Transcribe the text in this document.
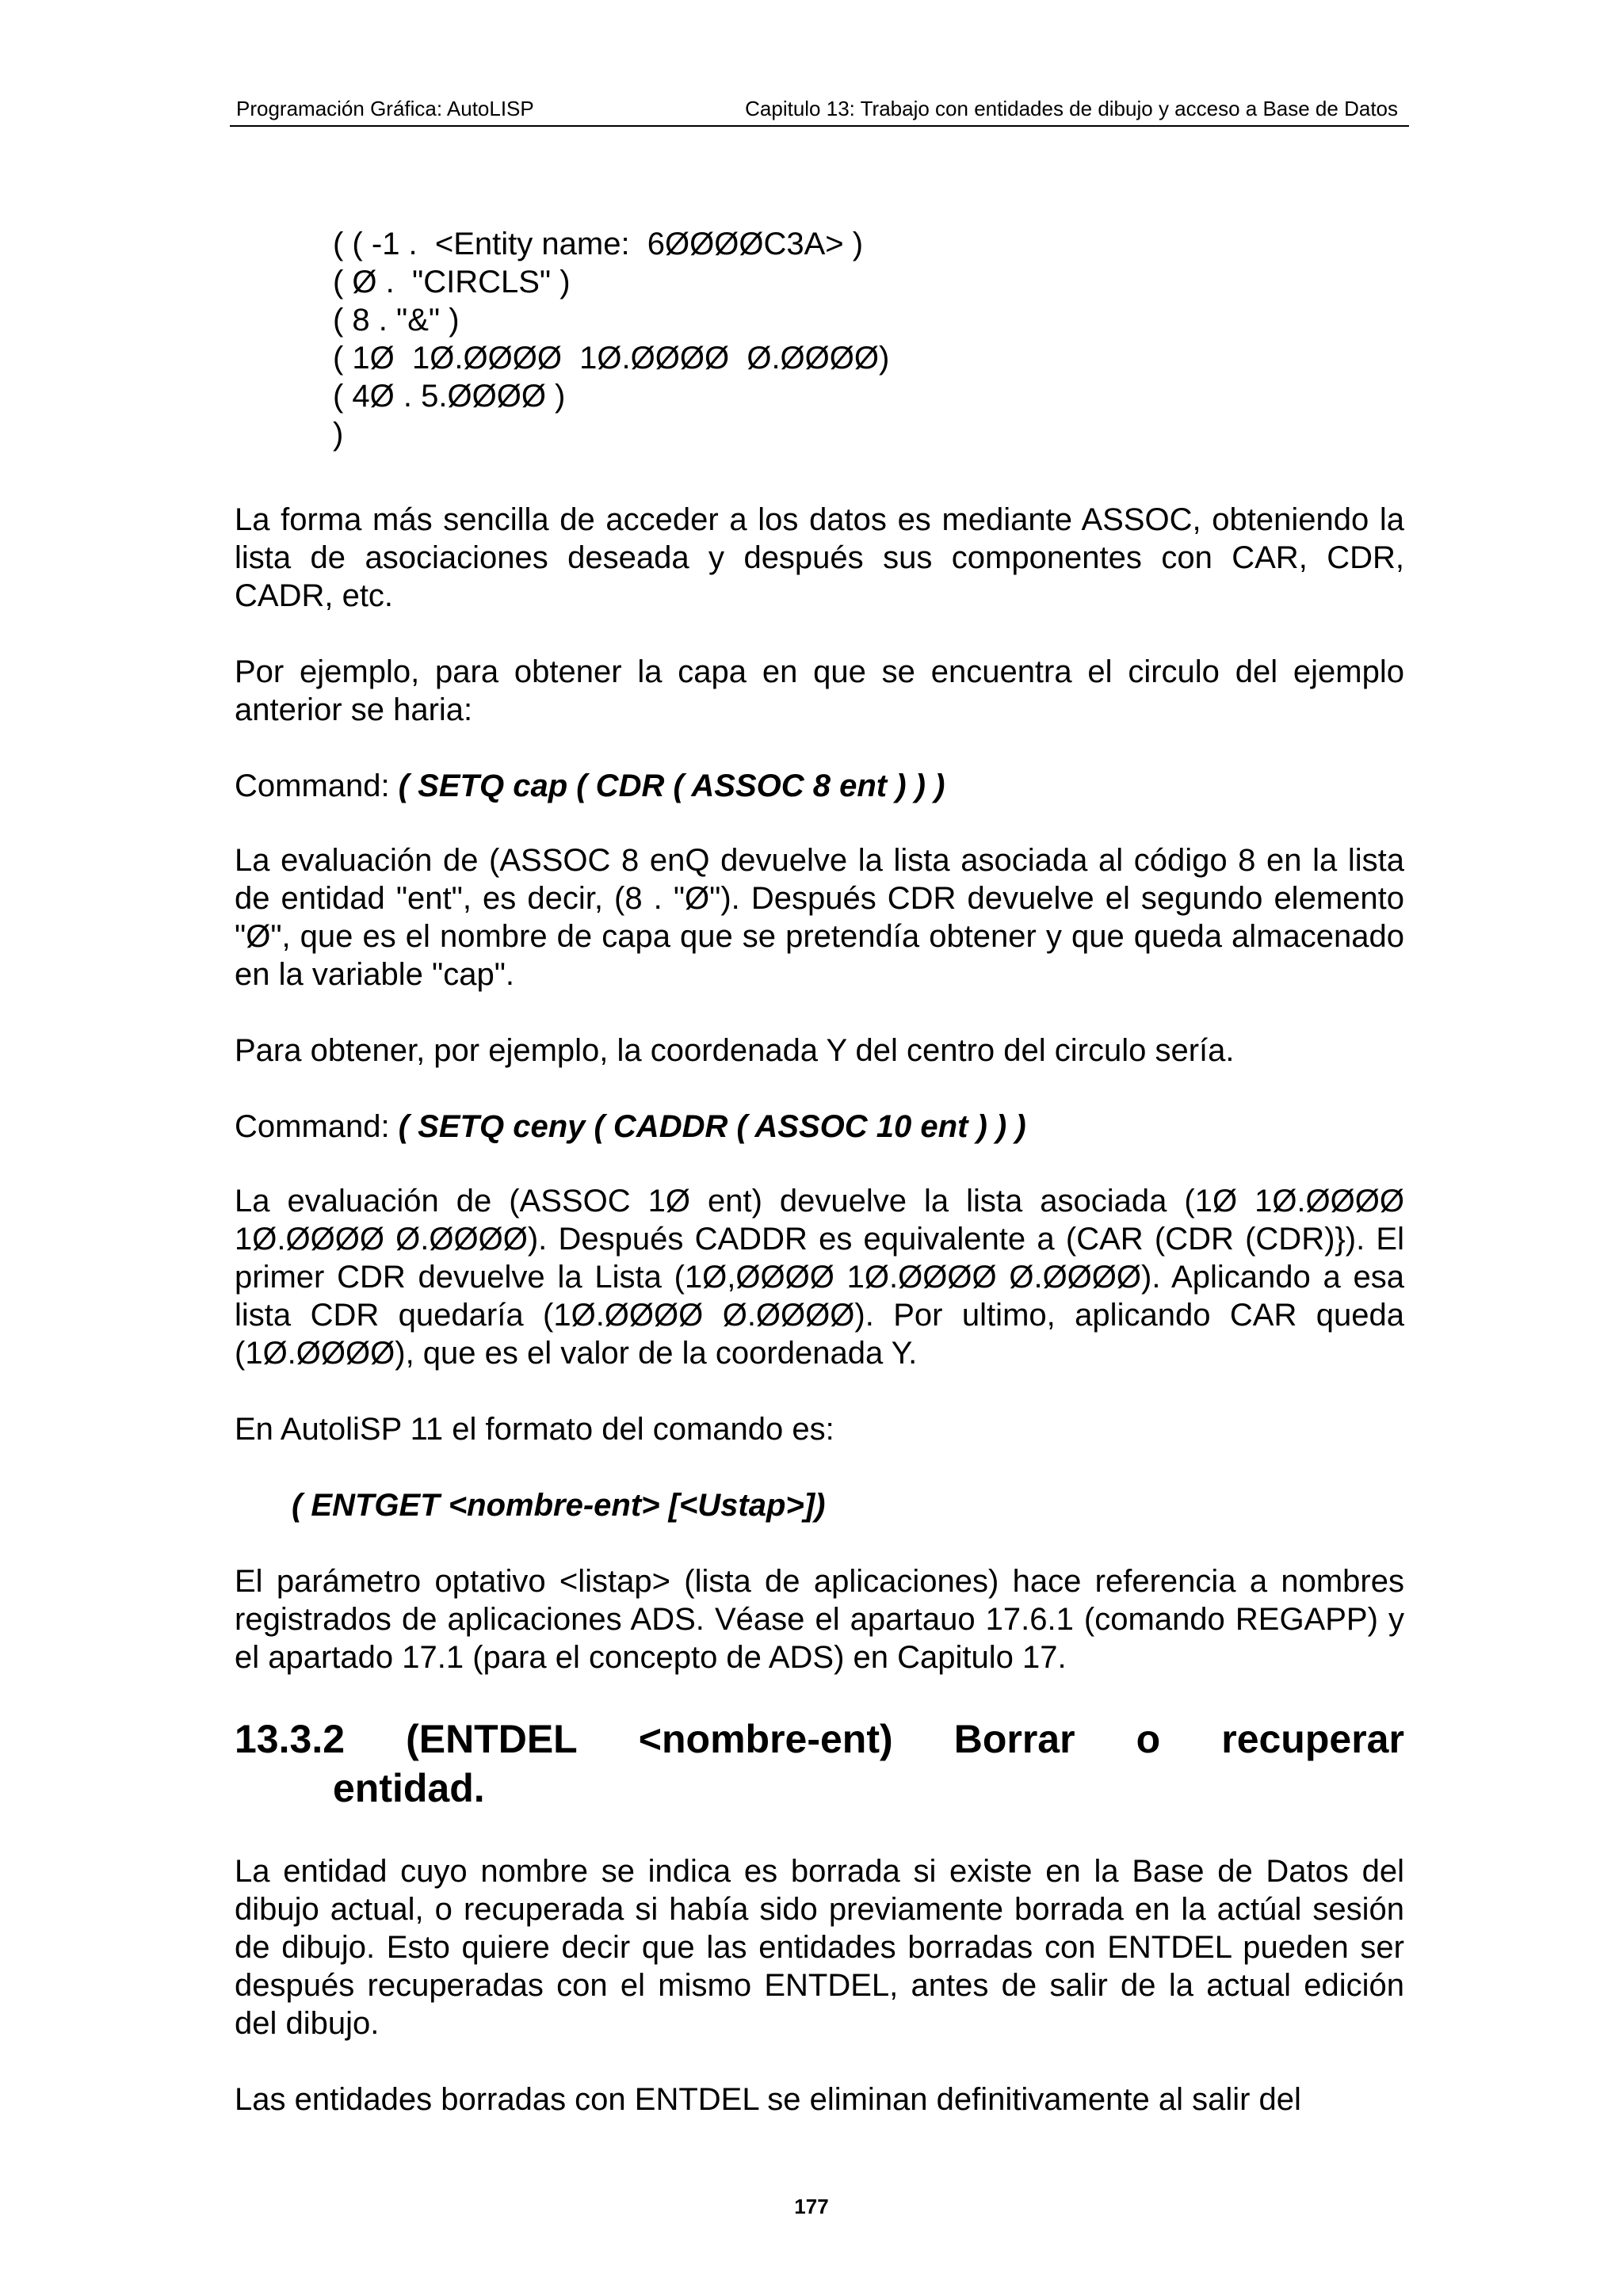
Programación Gráfica: AutoLISP	Capitulo 13: Trabajo con entidades de dibujo y acceso a Base de Datos
( ( -1 .  <Entity name:  6ØØØØC3A> )
( Ø .  "CIRCLS" )
( 8 . "&" )
( 1Ø  1Ø.ØØØØ  1Ø.ØØØØ  Ø.ØØØØ)
( 4Ø . 5.ØØØØ )
)

La forma más sencilla de acceder a los datos es mediante ASSOC, obteniendo la lista de asociaciones deseada y después sus componentes con CAR, CDR, CADR, etc.

Por ejemplo, para obtener la capa en que se encuentra el circulo del ejemplo anterior se haria:

Command: ( SETQ cap ( CDR ( ASSOC 8 ent ) ) )

La evaluación de (ASSOC 8 enQ devuelve la lista asociada al código 8 en la lista de entidad "ent", es decir, (8 . "Ø"). Después CDR devuelve el segundo elemento "Ø", que es el nombre de capa que se pretendía obtener y que queda almacenado en la variable "cap".

Para obtener, por ejemplo, la coordenada Y del centro del circulo sería.

Command: ( SETQ ceny ( CADDR ( ASSOC 10 ent ) ) )

La evaluación de (ASSOC 1Ø ent) devuelve la lista asociada (1Ø 1Ø.ØØØØ 1Ø.ØØØØ Ø.ØØØØ). Después CADDR es equivalente a (CAR (CDR (CDR)}). El primer CDR devuelve la Lista (1Ø,ØØØØ 1Ø.ØØØØ Ø.ØØØØ). Aplicando a esa lista CDR quedaría (1Ø.ØØØØ Ø.ØØØØ). Por ultimo, aplicando CAR queda (1Ø.ØØØØ), que es el valor de la coordenada Y.

En AutoliSP 11 el formato del comando es:

( ENTGET <nombre-ent> [<Ustap>])

El parámetro optativo <listap> (lista de aplicaciones) hace referencia a nombres registrados de aplicaciones ADS. Véase el apartauo 17.6.1 (comando REGAPP) y el apartado 17.1 (para el concepto de ADS) en Capitulo 17.

13.3.2 (ENTDEL <nombre-ent) Borrar o recuperar
entidad.

La entidad cuyo nombre se indica es borrada si existe en la Base de Datos del dibujo actual, o recuperada si había sido previamente borrada en la actúal sesión de dibujo. Esto quiere decir que las entidades borradas con ENTDEL pueden ser después recuperadas con el mismo ENTDEL, antes de salir de la actual edición del dibujo.

Las entidades borradas con ENTDEL se eliminan definitivamente al salir del

177
